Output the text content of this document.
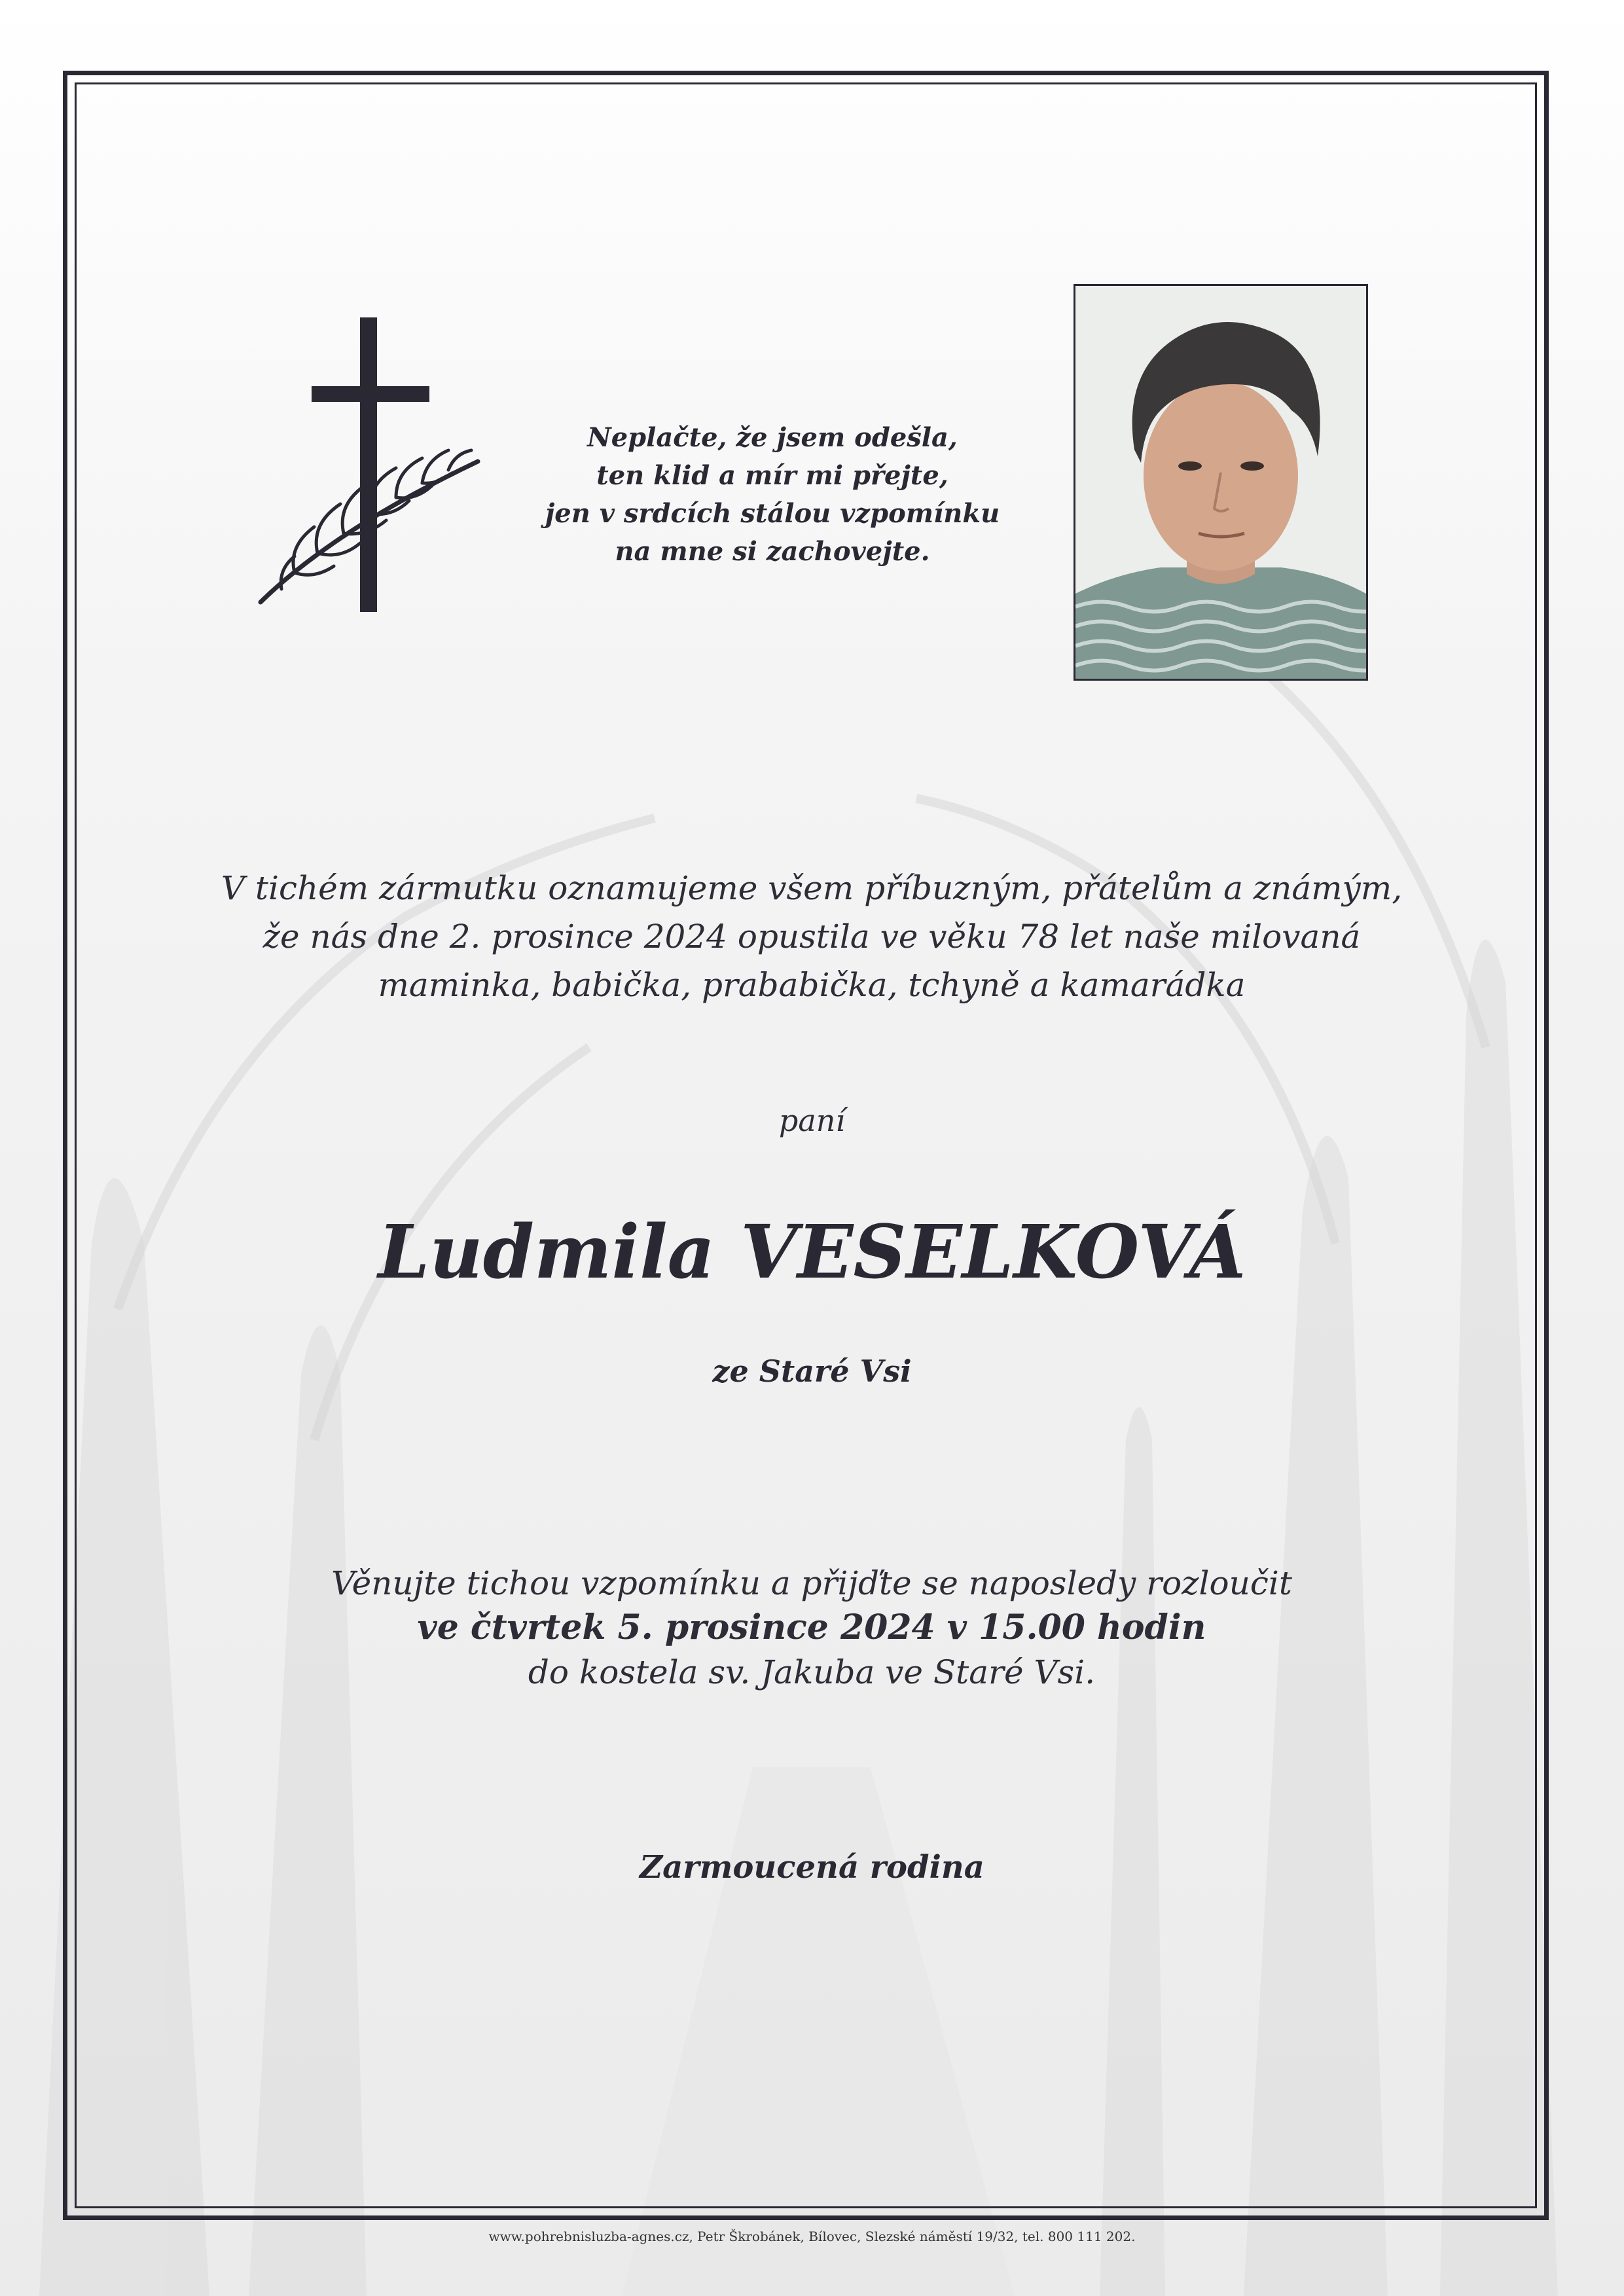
Neplačte, že jsem odešla,
ten klid a mír mi přejte,
jen v srdcích stálou vzpomínku
na mne si zachovejte.
V tichém zármutku oznamujeme všem příbuzným, přátelům a známým,
že nás dne 2. prosince 2024 opustila ve věku 78 let naše milovaná
maminka, babička, prababička, tchyně a kamarádka
paní
Ludmila VESELKOVÁ
ze Staré Vsi
Věnujte tichou vzpomínku a přijďte se naposledy rozloučit
ve čtvrtek 5. prosince 2024 v 15.00 hodin
do kostela sv. Jakuba ve Staré Vsi.
Zarmoucená rodina
www.pohrebnisluzba-agnes.cz, Petr Škrobánek, Bílovec, Slezské náměstí 19/32, tel. 800 111 202.
